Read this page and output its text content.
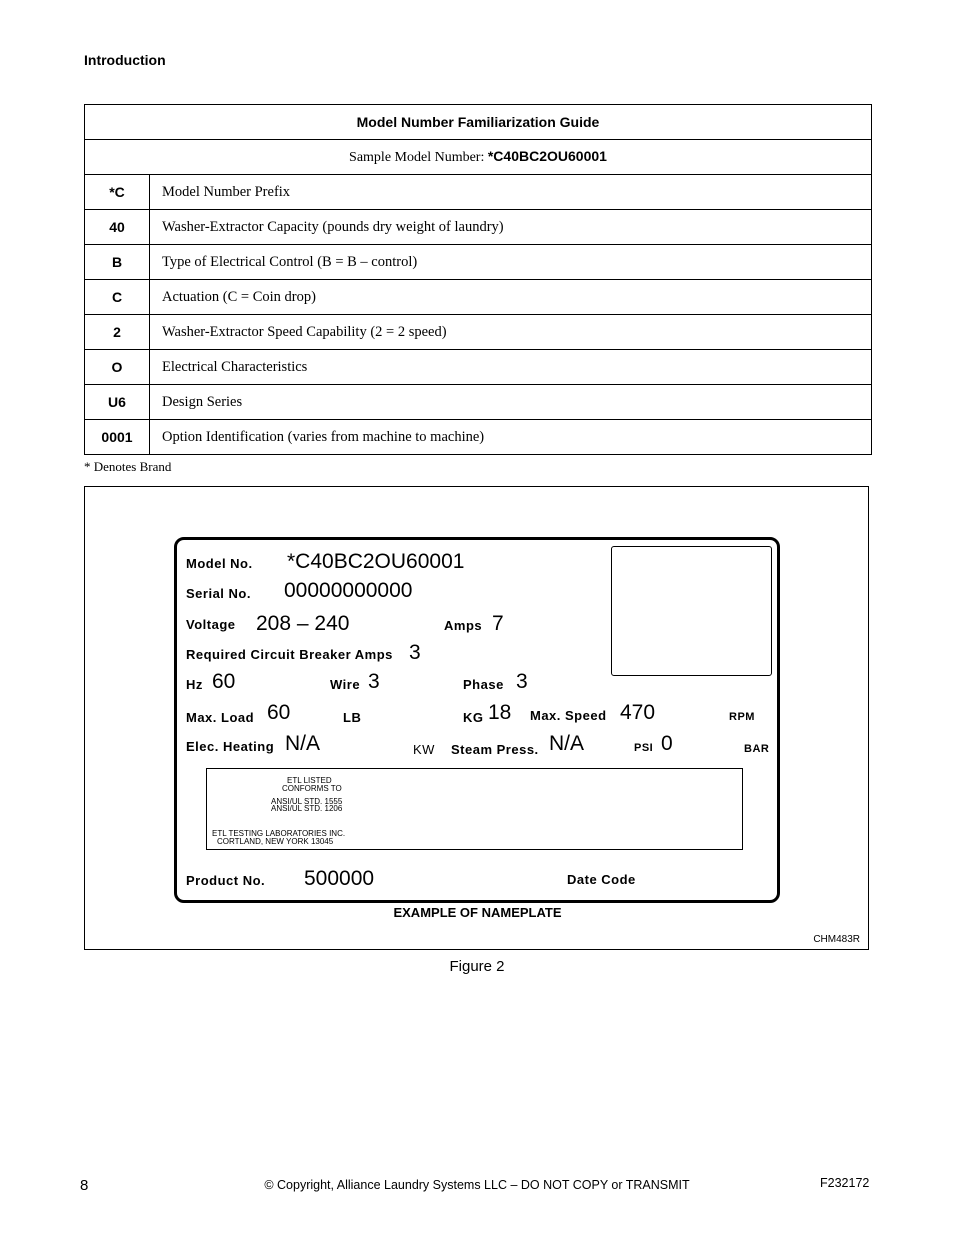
Introduction
Model Number Familiarization Guide	
Sample Model Number: *C40BC2OU60001	
*C	Model Number Prefix
40	Washer-Extractor Capacity (pounds dry weight of laundry)
B	Type of Electrical Control (B = B – control)
C	Actuation (C = Coin drop)
2	Washer-Extractor Speed Capability (2 = 2 speed)
O	Electrical Characteristics
U6	Design Series
0001	Option Identification (varies from machine to machine)
* Denotes Brand
Model No. *C40BC2OU60001
Serial No. 00000000000
Voltage 208 – 240	Amps 7
Required Circuit Breaker Amps 3
Hz 60	Wire 3	Phase 3
Max. Load 60	LB	KG 18 Max. Speed 470	RPM
Elec. Heating N/A	KW Steam Press. N/A	PSI 0	BAR
ETL LISTED
CONFORMS TO
ANSI/UL STD. 1555
ANSI/UL STD. 1206
ETL TESTING LABORATORIES INC.
CORTLAND, NEW YORK 13045
Product No. 500000	Date Code
EXAMPLE OF NAMEPLATE
CHM483R
Figure 2
8	© Copyright, Alliance Laundry Systems LLC – DO NOT COPY or TRANSMIT	F232172
